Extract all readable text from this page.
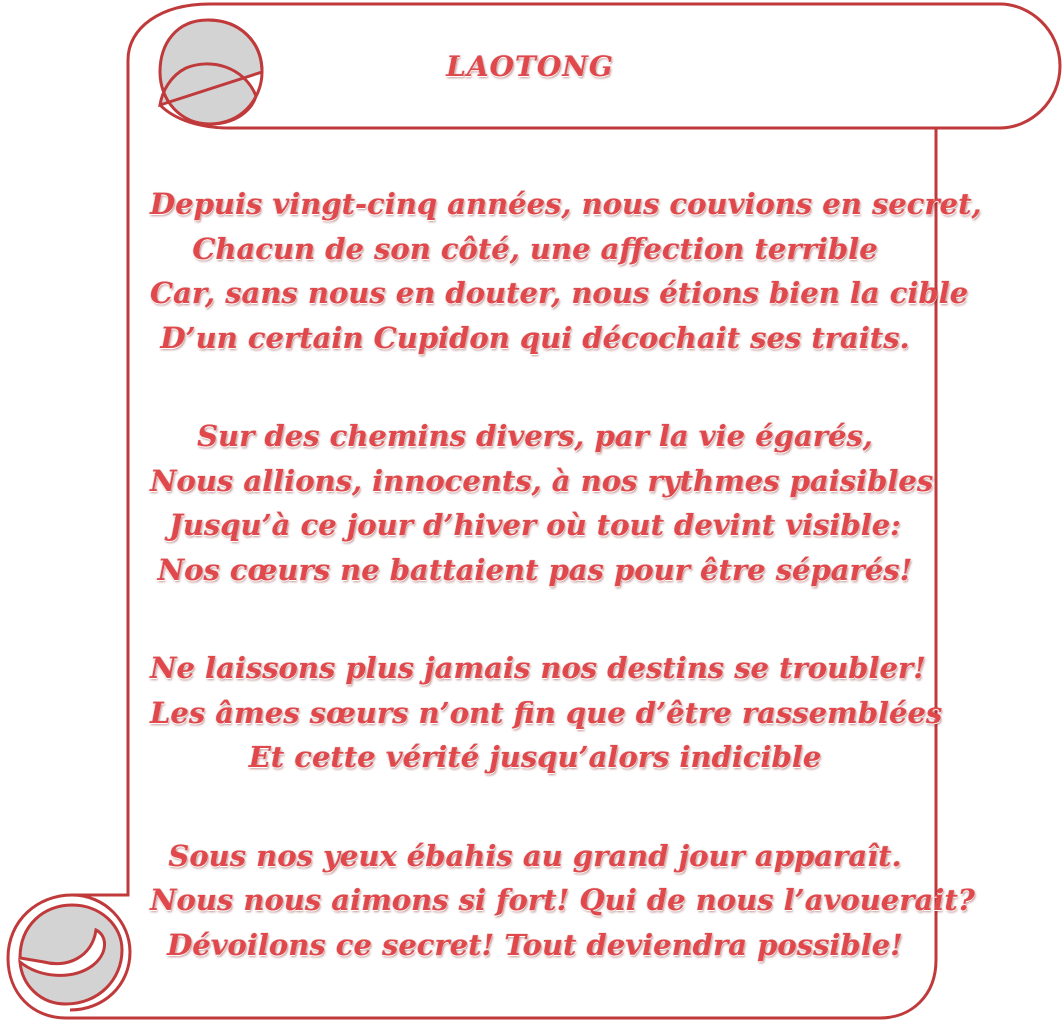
LAOTONG
Depuis vingt-cinq années, nous couvions en secret,
Chacun de son côté, une affection terrible
Car, sans nous en douter, nous étions bien la cible
D’un certain Cupidon qui décochait ses traits.
Sur des chemins divers, par la vie égarés,
Nous allions, innocents, à nos rythmes paisibles
Jusqu’à ce jour d’hiver où tout devint visible:
Nos cœurs ne battaient pas pour être séparés!
Ne laissons plus jamais nos destins se troubler!
Les âmes sœurs n’ont fin que d’être rassemblées
Et cette vérité jusqu’alors indicible
Sous nos yeux ébahis au grand jour apparaît.
Nous nous aimons si fort! Qui de nous l’avouerait?
Dévoilons ce secret! Tout deviendra possible!
